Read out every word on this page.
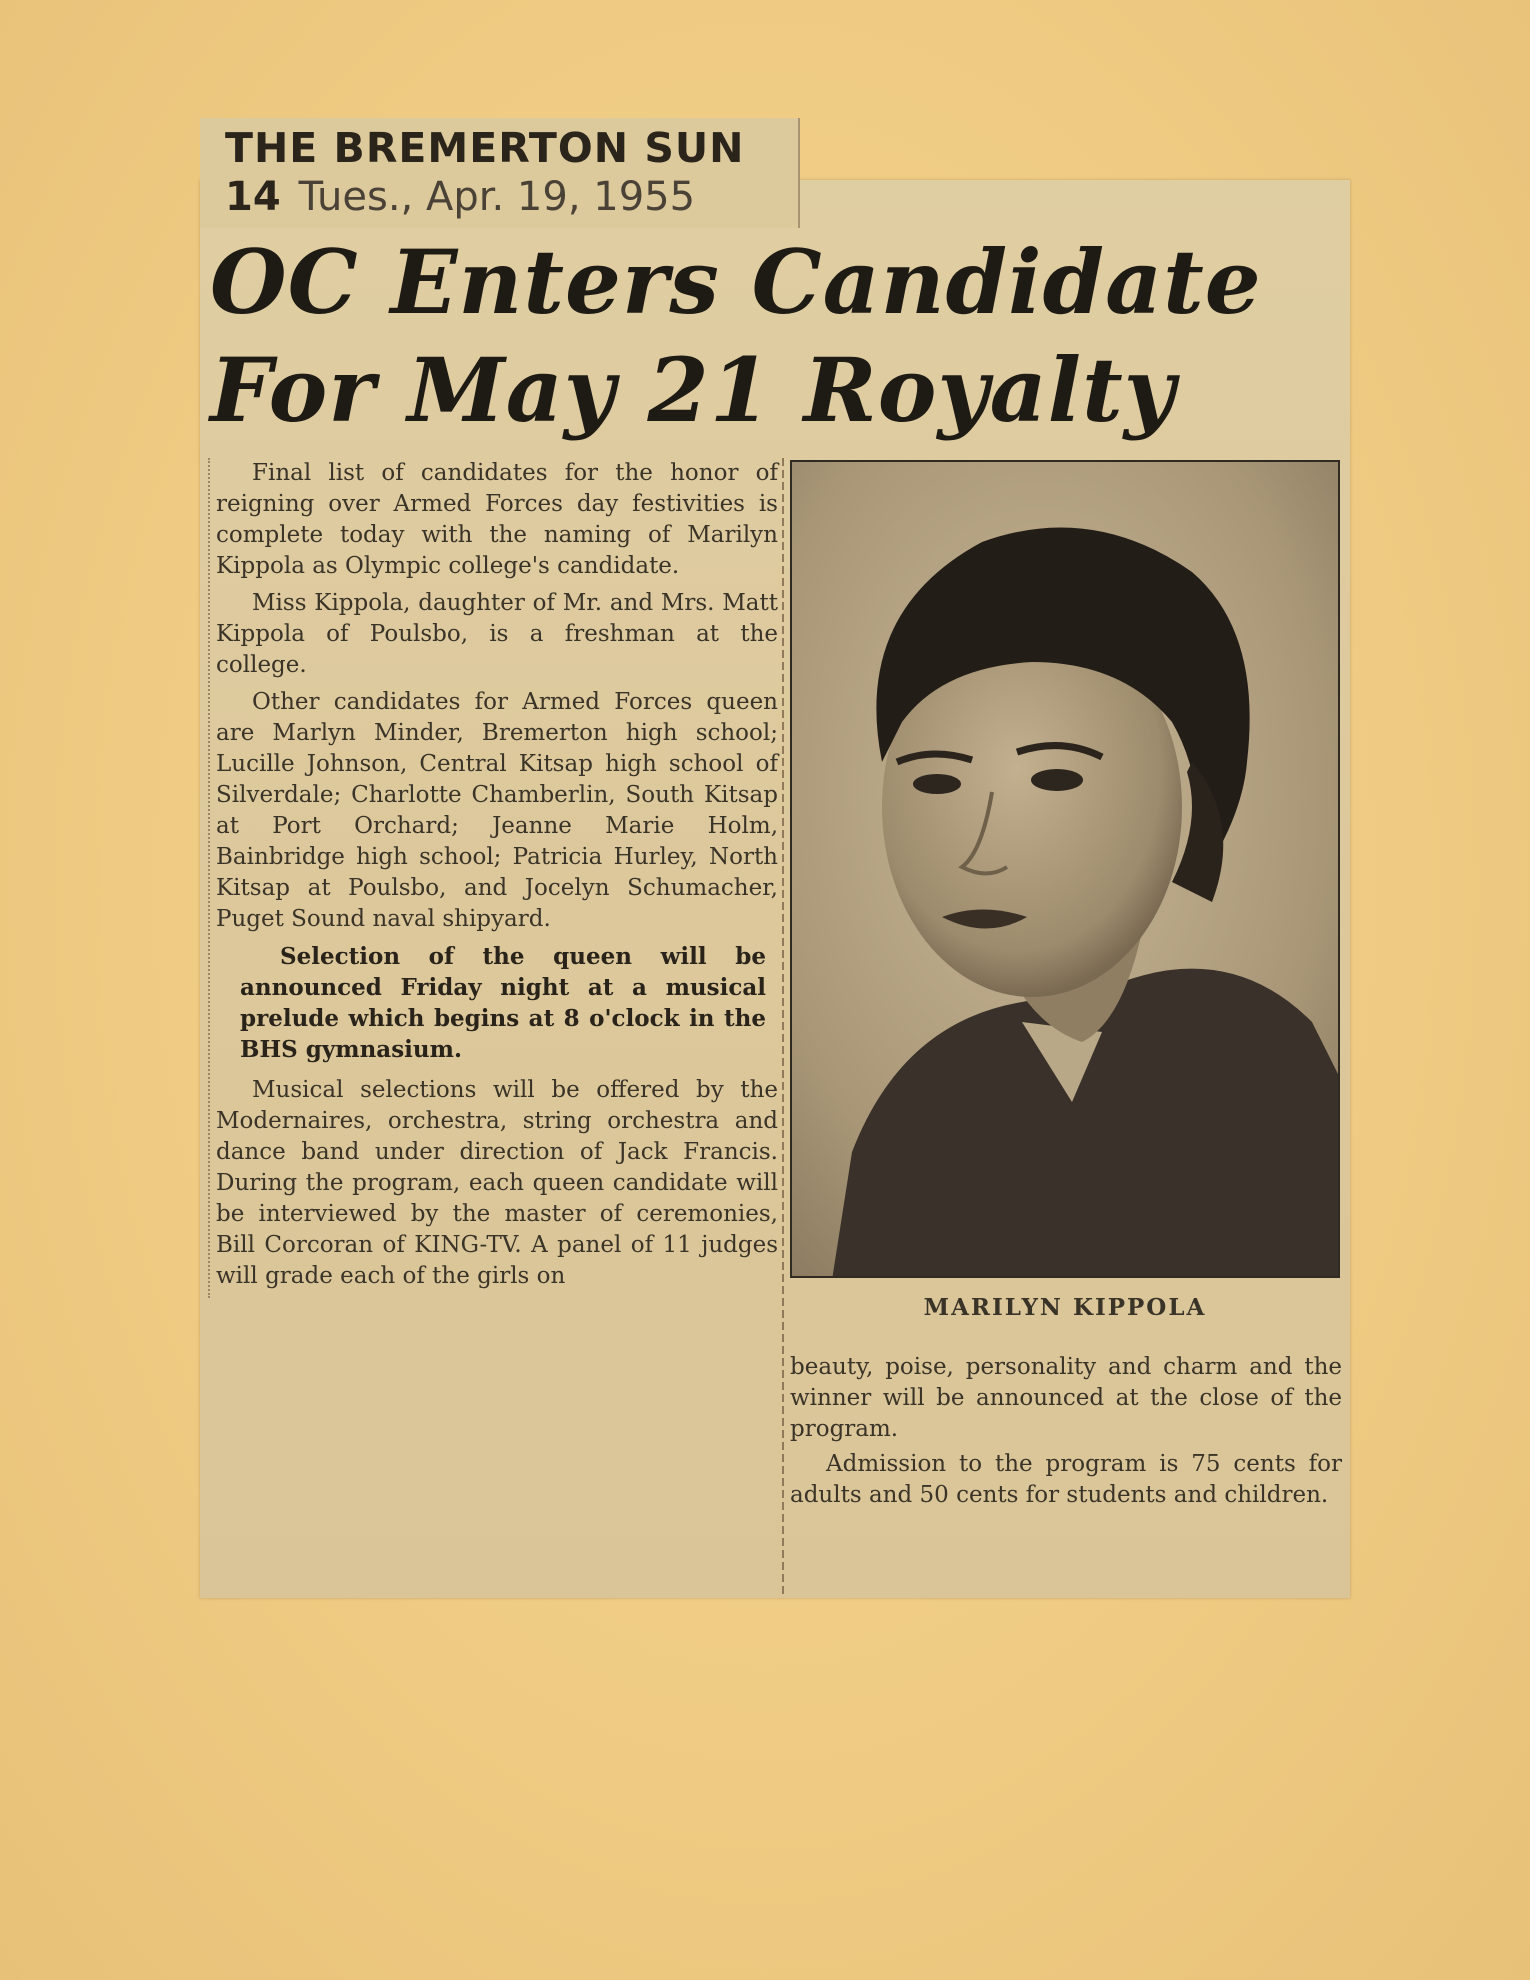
THE BREMERTON SUN
14 Tues., Apr. 19, 1955
OC Enters Candidate
For May 21 Royalty

Final list of candidates for the honor of reigning over Armed Forces day festivities is complete today with the naming of Marilyn Kippola as Olympic college's candidate.

Miss Kippola, daughter of Mr. and Mrs. Matt Kippola of Poulsbo, is a freshman at the college.

Other candidates for Armed Forces queen are Marlyn Minder, Bremerton high school; Lucille Johnson, Central Kitsap high school of Silverdale; Charlotte Chamberlin, South Kitsap at Port Orchard; Jeanne Marie Holm, Bainbridge high school; Patricia Hurley, North Kitsap at Poulsbo, and Jocelyn Schumacher, Puget Sound naval shipyard.

Selection of the queen will be announced Friday night at a musical prelude which begins at 8 o'clock in the BHS gymnasium.

Musical selections will be offered by the Modernaires, orchestra, string orchestra and dance band under direction of Jack Francis. During the program, each queen candidate will be interviewed by the master of ceremonies, Bill Corcoran of KING-TV. A panel of 11 judges will grade each of the girls on

MARILYN KIPPOLA

beauty, poise, personality and charm and the winner will be announced at the close of the program.

Admission to the program is 75 cents for adults and 50 cents for students and children.
